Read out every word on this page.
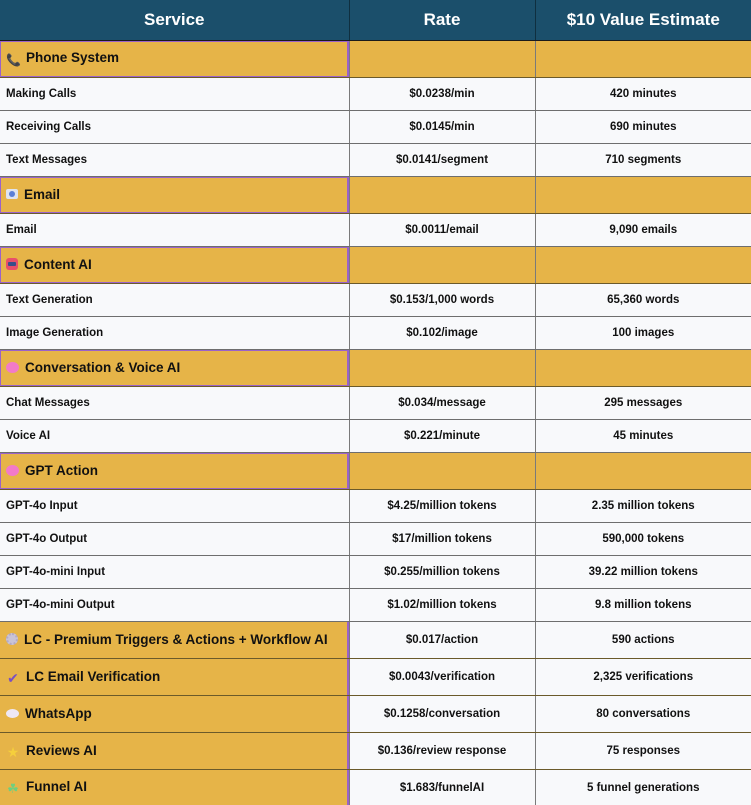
Service	Rate	$10 Value Estimate
📞 Phone System		
Making Calls	$0.0238/min	420 minutes
Receiving Calls	$0.0145/min	690 minutes
Text Messages	$0.0141/segment	710 segments
Email		
Email	$0.0011/email	9,090 emails
Content AI		
Text Generation	$0.153/1,000 words	65,360 words
Image Generation	$0.102/image	100 images
Conversation & Voice AI		
Chat Messages	$0.034/message	295 messages
Voice AI	$0.221/minute	45 minutes
GPT Action		
GPT-4o Input	$4.25/million tokens	2.35 million tokens
GPT-4o Output	$17/million tokens	590,000 tokens
GPT-4o-mini Input	$0.255/million tokens	39.22 million tokens
GPT-4o-mini Output	$1.02/million tokens	9.8 million tokens
LC - Premium Triggers & Actions + Workflow AI	$0.017/action	590 actions
✔ LC Email Verification	$0.0043/verification	2,325 verifications
WhatsApp	$0.1258/conversation	80 conversations
★ Reviews AI	$0.136/review response	75 responses
☘ Funnel AI	$1.683/funnelAI	5 funnel generations
